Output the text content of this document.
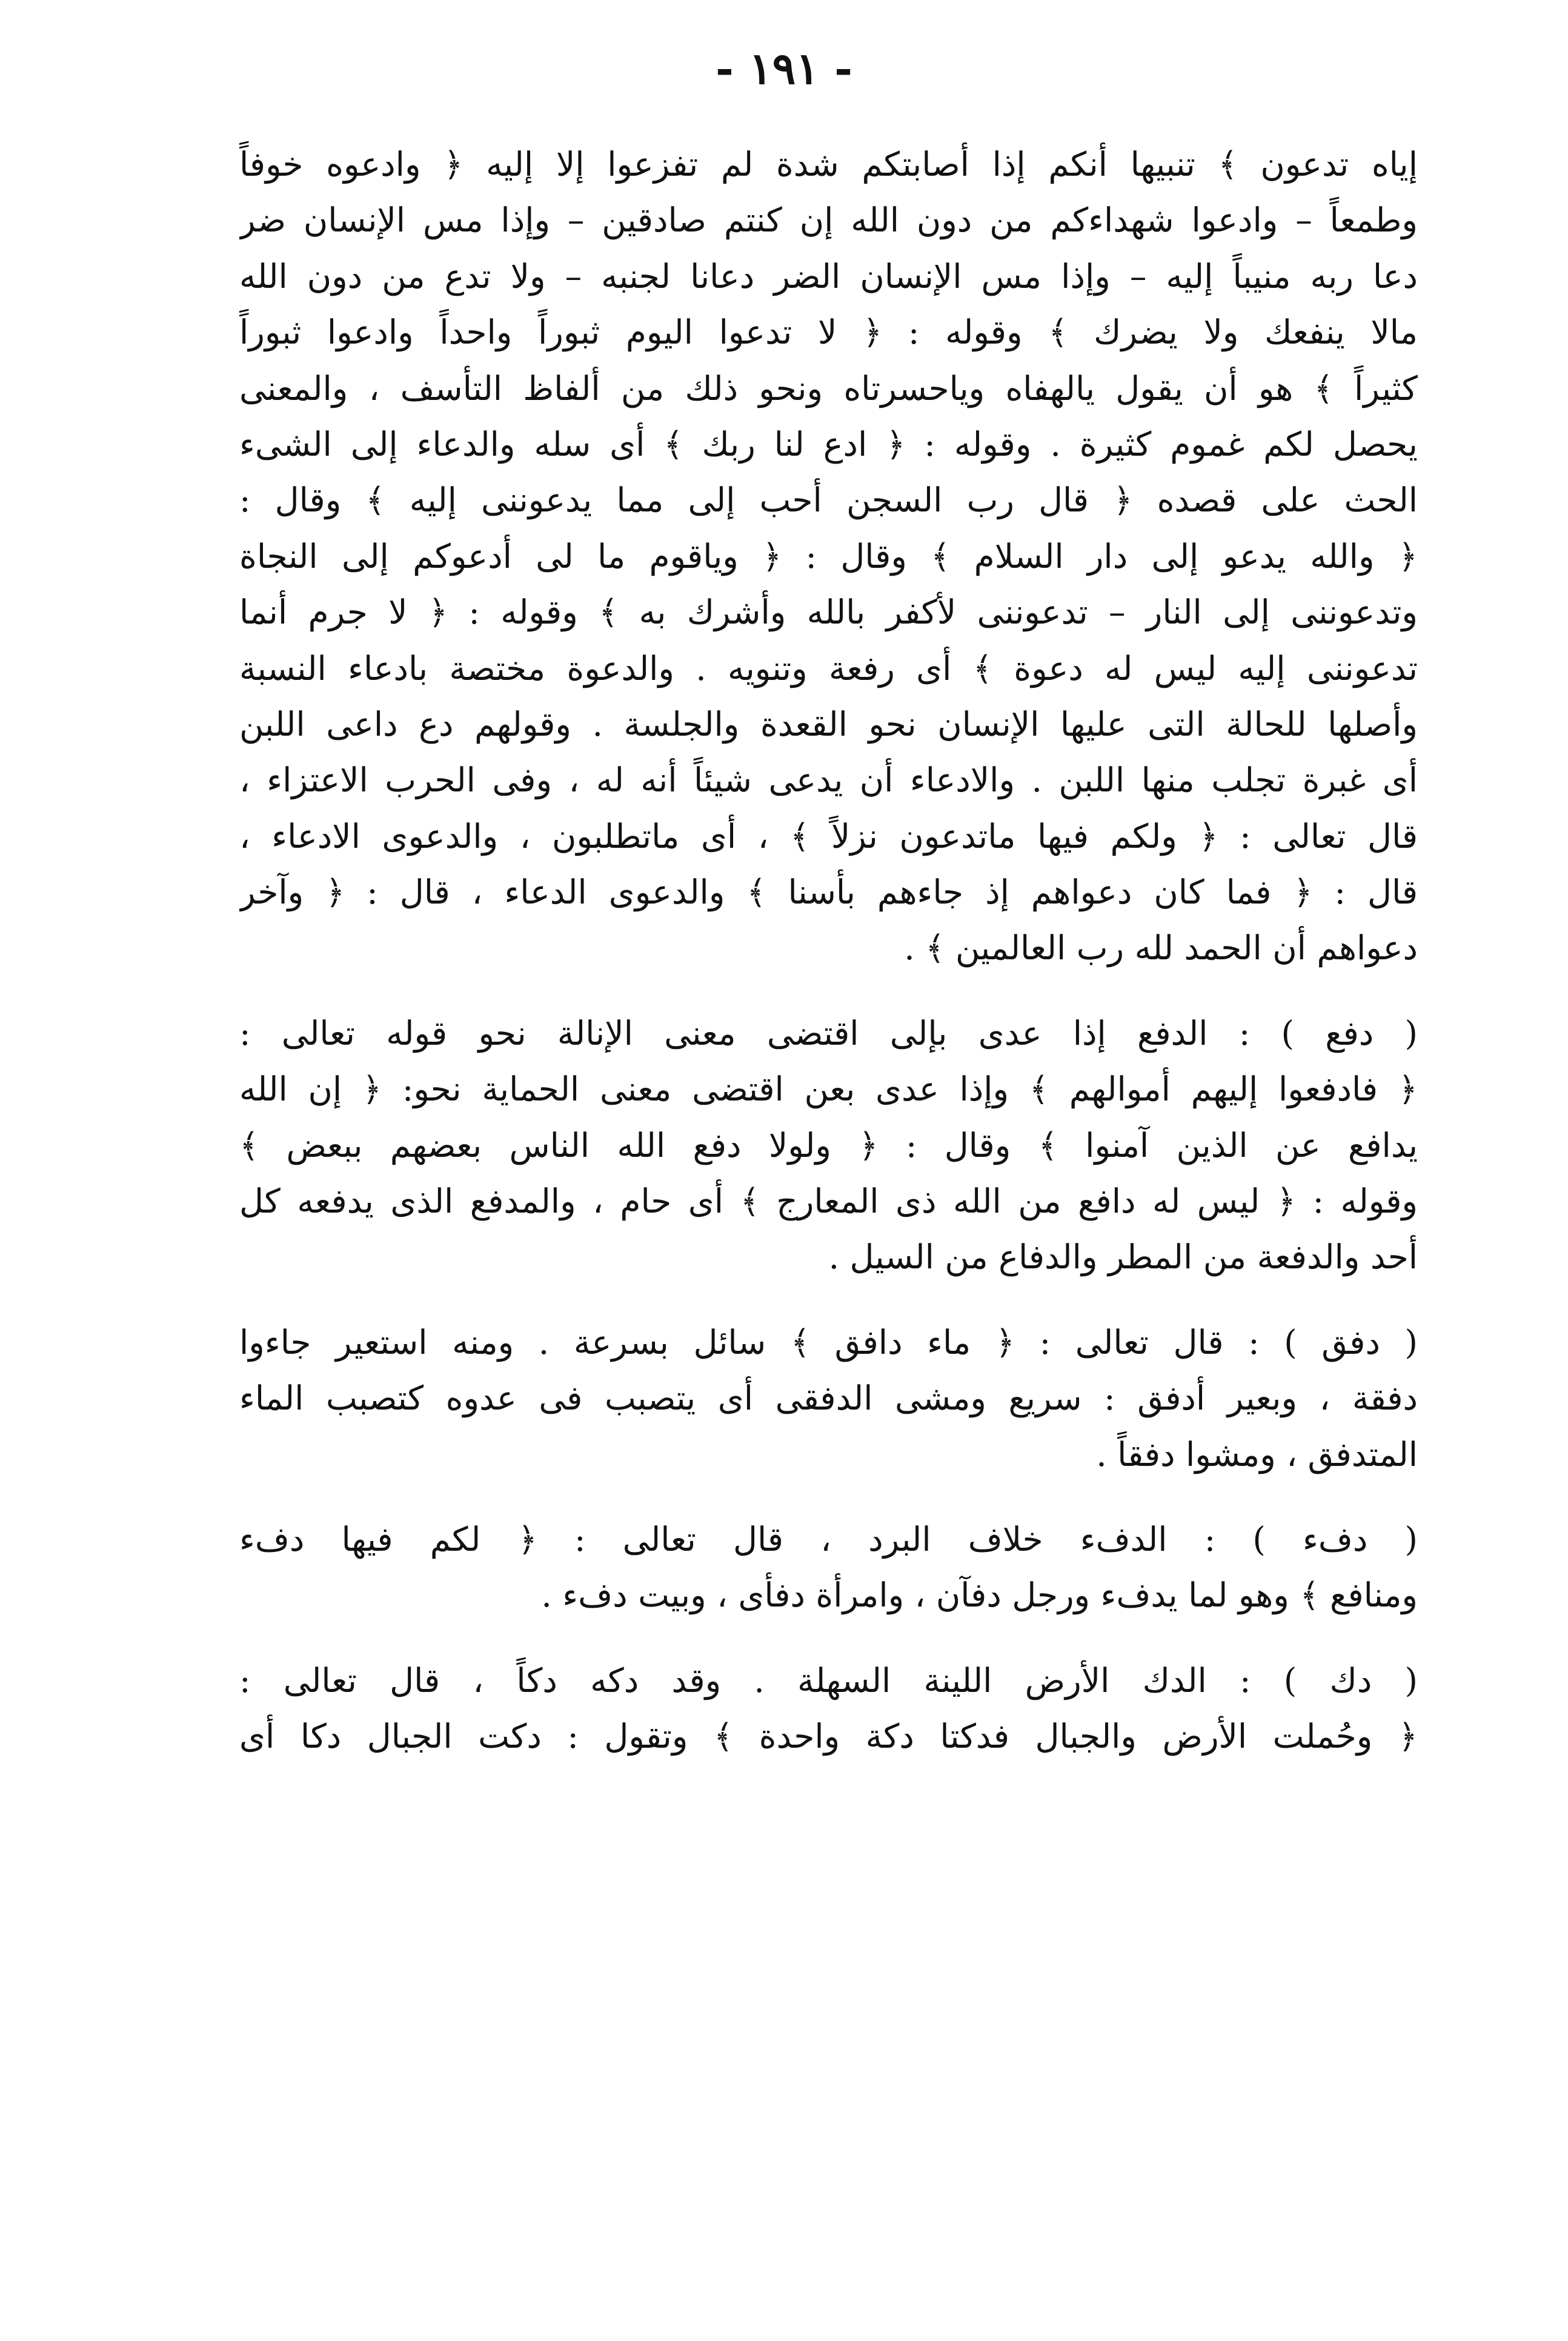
- ١٩١ -

إياه تدعون ﴾ تنبيها أنكم إذا أصابتكم شدة لم تفزعوا إلا إليه ﴿ وادعوه خوفاً
وطمعاً – وادعوا شهداءكم من دون الله إن كنتم صادقين – وإذا مس الإنسان ضر
دعا ربه منيباً إليه – وإذا مس الإنسان الضر دعانا لجنبه – ولا تدع من دون الله
مالا ينفعك ولا يضرك ﴾ وقوله : ﴿ لا تدعوا اليوم ثبوراً واحداً وادعوا ثبوراً
كثيراً ﴾ هو أن يقول يالهفاه وياحسرتاه ونحو ذلك من ألفاظ التأسف ، والمعنى
يحصل لكم غموم كثيرة . وقوله : ﴿ ادع لنا ربك ﴾ أى سله والدعاء إلى الشىء
الحث على قصده ﴿ قال رب السجن أحب إلى مما يدعوننى إليه ﴾ وقال :
﴿ والله يدعو إلى دار السلام ﴾ وقال : ﴿ وياقوم ما لى أدعوكم إلى النجاة
وتدعوننى إلى النار – تدعوننى لأكفر بالله وأشرك به ﴾ وقوله : ﴿ لا جرم أنما
تدعوننى إليه ليس له دعوة ﴾ أى رفعة وتنويه . والدعوة مختصة بادعاء النسبة
وأصلها للحالة التى عليها الإنسان نحو القعدة والجلسة . وقولهم دع داعى اللبن
أى غبرة تجلب منها اللبن . والادعاء أن يدعى شيئاً أنه له ، وفى الحرب الاعتزاء ،
قال تعالى : ﴿ ولكم فيها ماتدعون نزلاً ﴾ ، أى ماتطلبون ، والدعوى الادعاء ،
قال : ﴿ فما كان دعواهم إذ جاءهم بأسنا ﴾ والدعوى الدعاء ، قال : ﴿ وآخر
دعواهم أن الحمد لله رب العالمين ﴾ .

( دفع ) : الدفع إذا عدى بإلى اقتضى معنى الإنالة نحو قوله تعالى :
﴿ فادفعوا إليهم أموالهم ﴾ وإذا عدى بعن اقتضى معنى الحماية نحو: ﴿ إن الله
يدافع عن الذين آمنوا ﴾ وقال : ﴿ ولولا دفع الله الناس بعضهم ببعض ﴾
وقوله : ﴿ ليس له دافع من الله ذى المعارج ﴾ أى حام ، والمدفع الذى يدفعه كل
أحد والدفعة من المطر والدفاع من السيل .

( دفق ) : قال تعالى : ﴿ ماء دافق ﴾ سائل بسرعة . ومنه استعير جاءوا
دفقة ، وبعير أدفق : سريع ومشى الدفقى أى يتصبب فى عدوه كتصبب الماء
المتدفق ، ومشوا دفقاً .

( دفء ) : الدفء خلاف البرد ، قال تعالى : ﴿ لكم فيها دفء
ومنافع ﴾ وهو لما يدفء ورجل دفآن ، وامرأة دفأى ، وبيت دفء .

( دك ) : الدك الأرض اللينة السهلة . وقد دكه دكاً ، قال تعالى :
﴿ وحُملت الأرض والجبال فدكتا دكة واحدة ﴾ وتقول : دكت الجبال دكا أى
